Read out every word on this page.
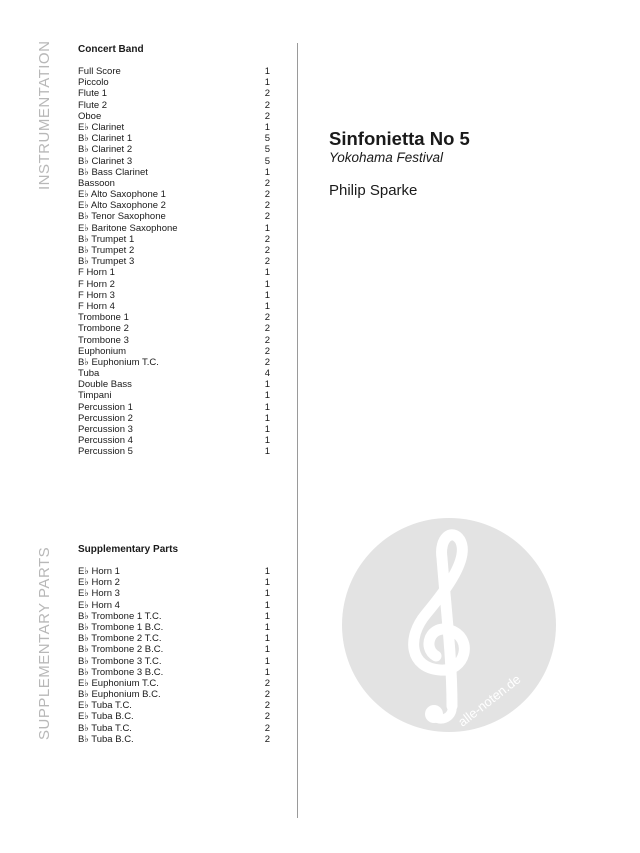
INSTRUMENTATION
SUPPLEMENTARY PARTS
Concert Band
Full Score	1
Piccolo	1
Flute 1	2
Flute 2	2
Oboe	2
E♭ Clarinet	1
B♭ Clarinet 1	5
B♭ Clarinet 2	5
B♭ Clarinet 3	5
B♭ Bass Clarinet	1
Bassoon	2
E♭ Alto Saxophone 1	2
E♭ Alto Saxophone 2	2
B♭ Tenor Saxophone	2
E♭ Baritone Saxophone	1
B♭ Trumpet 1	2
B♭ Trumpet 2	2
B♭ Trumpet 3	2
F Horn 1	1
F Horn 2	1
F Horn 3	1
F Horn 4	1
Trombone 1	2
Trombone 2	2
Trombone 3	2
Euphonium	2
B♭ Euphonium T.C.	2
Tuba	4
Double Bass	1
Timpani	1
Percussion 1	1
Percussion 2	1
Percussion 3	1
Percussion 4	1
Percussion 5	1
Supplementary Parts
E♭ Horn 1	1
E♭ Horn 2	1
E♭ Horn 3	1
E♭ Horn 4	1
B♭ Trombone 1 T.C.	1
B♭ Trombone 1 B.C.	1
B♭ Trombone 2 T.C.	1
B♭ Trombone 2 B.C.	1
B♭ Trombone 3 T.C.	1
B♭ Trombone 3 B.C.	1
E♭ Euphonium T.C.	2
B♭ Euphonium B.C.	2
E♭ Tuba T.C.	2
E♭ Tuba B.C.	2
B♭ Tuba T.C.	2
B♭ Tuba B.C.	2
Sinfonietta No 5
Yokohama Festival
Philip Sparke
alle-noten.de
